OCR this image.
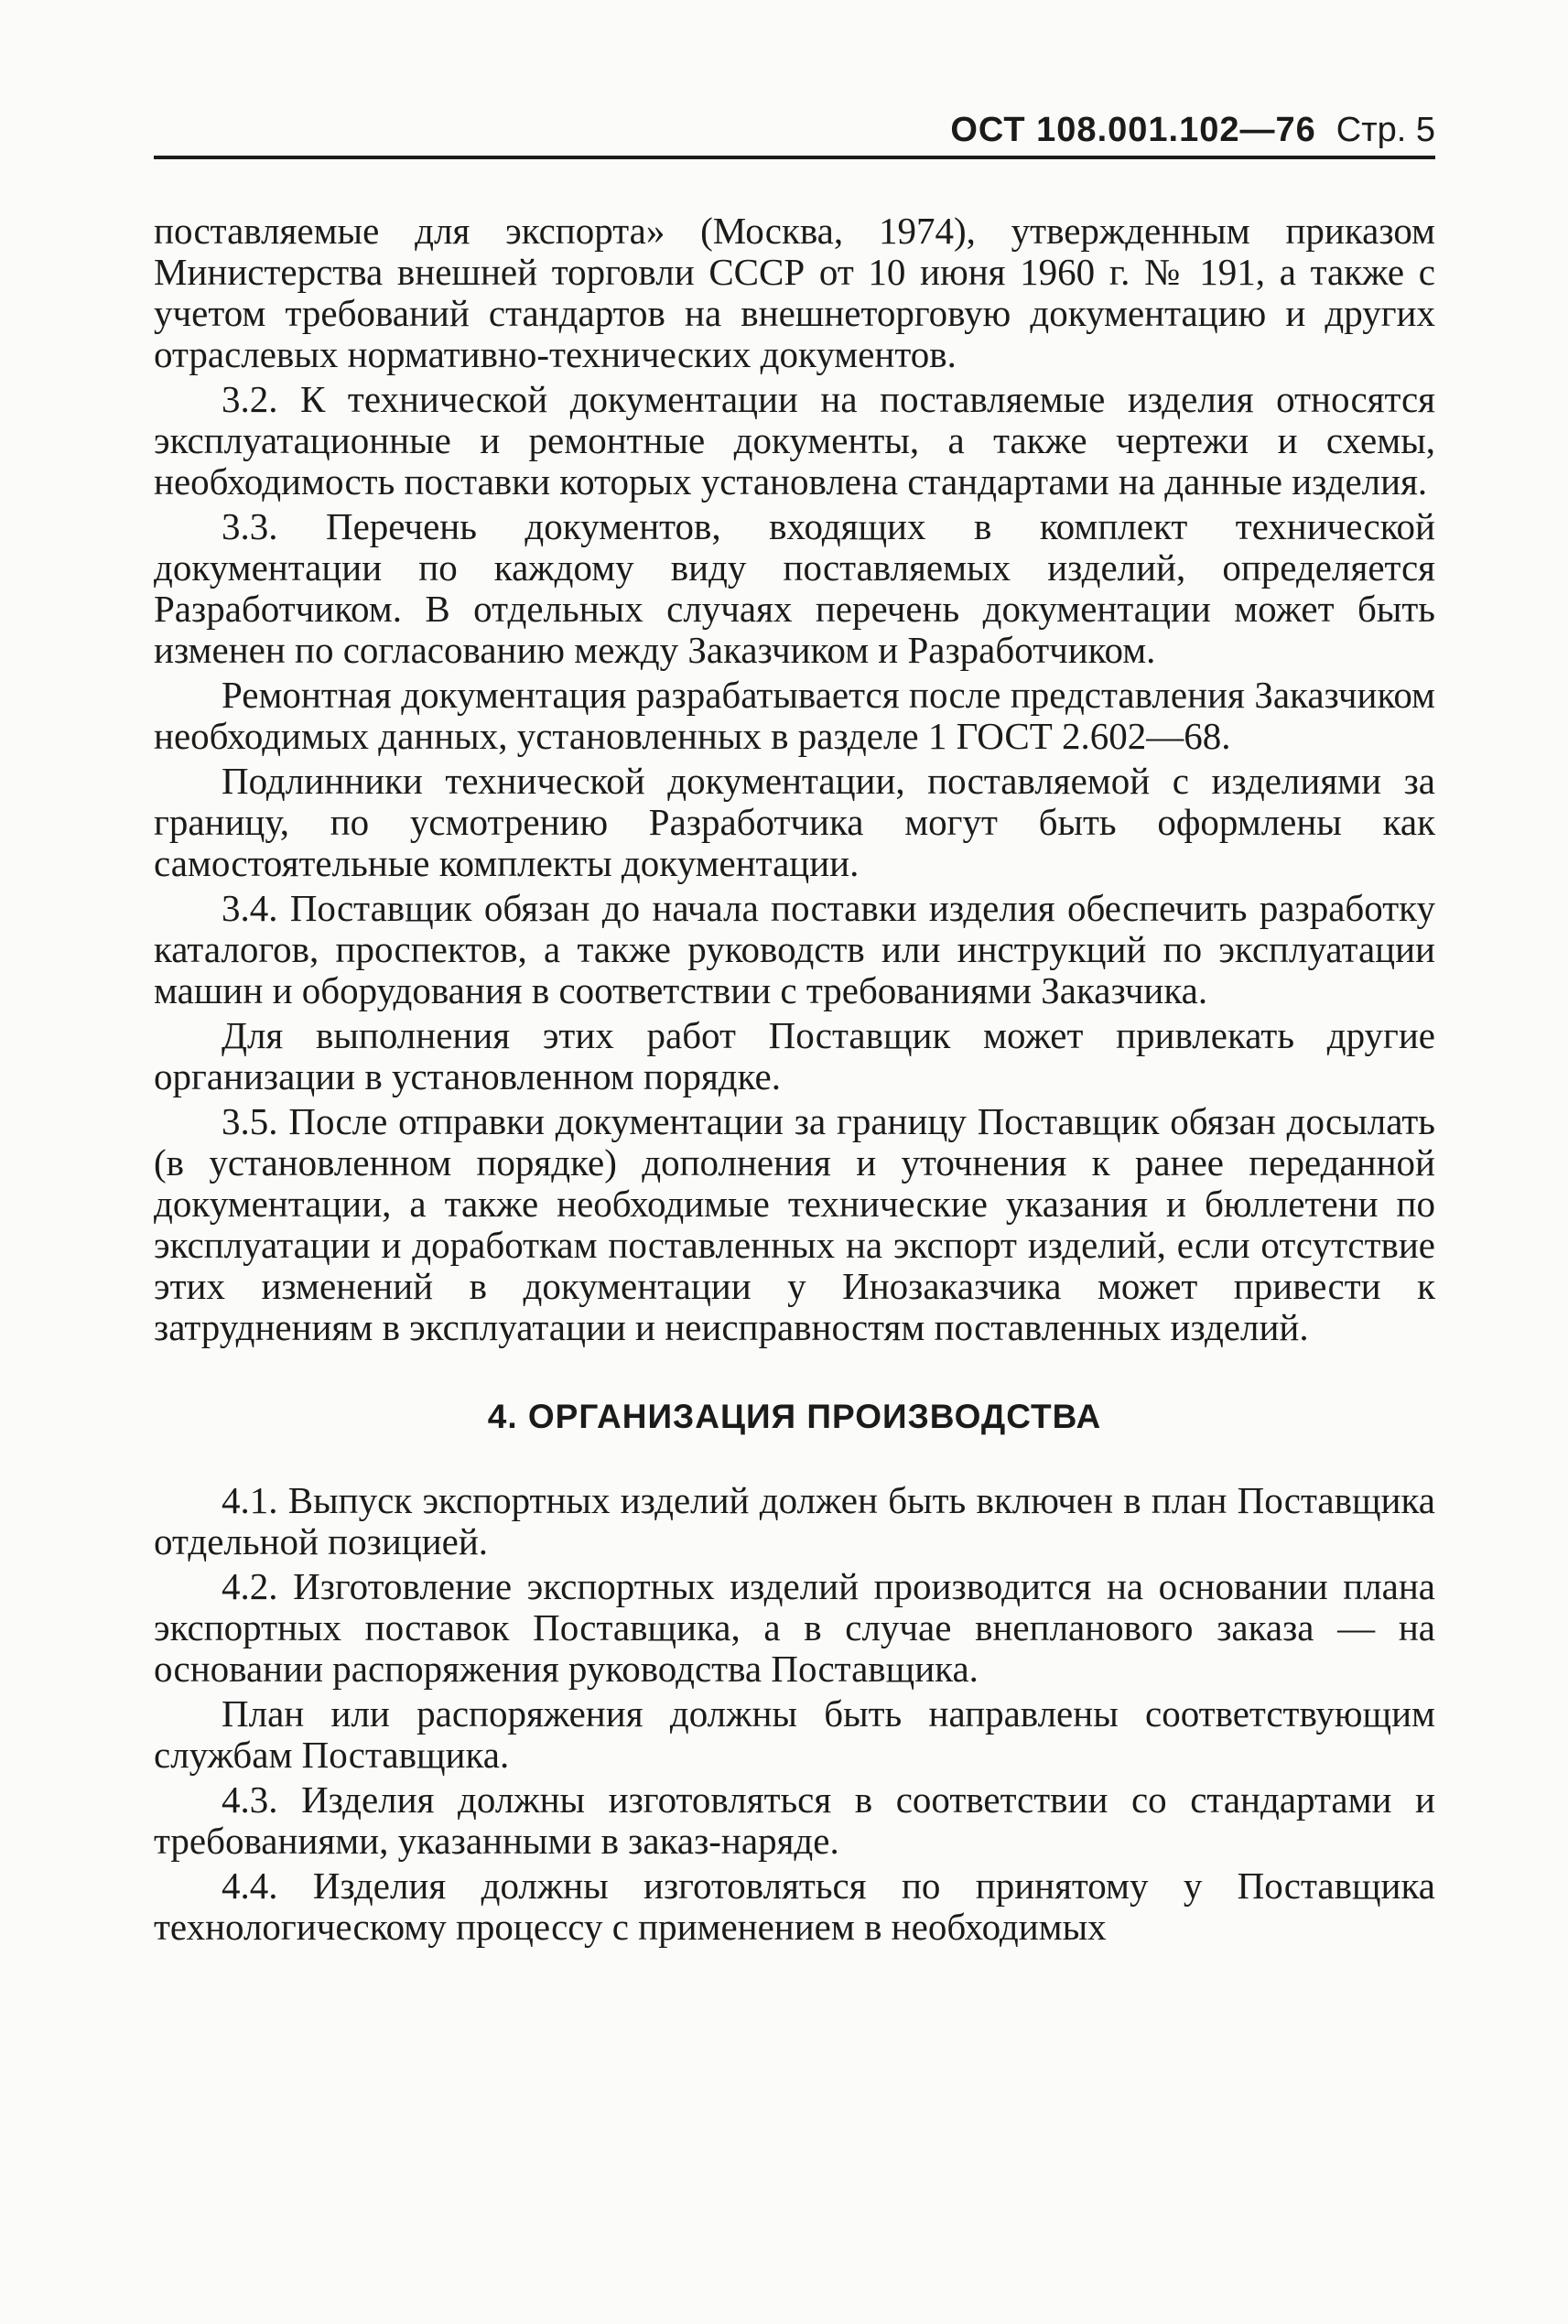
ОСТ 108.001.102—76 Стр. 5

поставляемые для экспорта» (Москва, 1974), утвержденным приказом Министерства внешней торговли СССР от 10 июня 1960 г. № 191, а также с учетом требований стандартов на внешнеторговую документацию и других отраслевых нормативно-технических документов.

3.2. К технической документации на поставляемые изделия относятся эксплуатационные и ремонтные документы, а также чертежи и схемы, необходимость поставки которых установлена стандартами на данные изделия.

3.3. Перечень документов, входящих в комплект технической документации по каждому виду поставляемых изделий, определяется Разработчиком. В отдельных случаях перечень документации может быть изменен по согласованию между Заказчиком и Разработчиком.

Ремонтная документация разрабатывается после представления Заказчиком необходимых данных, установленных в разделе 1 ГОСТ 2.602—68.

Подлинники технической документации, поставляемой с изделиями за границу, по усмотрению Разработчика могут быть оформлены как самостоятельные комплекты документации.

3.4. Поставщик обязан до начала поставки изделия обеспечить разработку каталогов, проспектов, а также руководств или инструкций по эксплуатации машин и оборудования в соответствии с требованиями Заказчика.

Для выполнения этих работ Поставщик может привлекать другие организации в установленном порядке.

3.5. После отправки документации за границу Поставщик обязан досылать (в установленном порядке) дополнения и уточнения к ранее переданной документации, а также необходимые технические указания и бюллетени по эксплуатации и доработкам поставленных на экспорт изделий, если отсутствие этих изменений в документации у Инозаказчика может привести к затруднениям в эксплуатации и неисправностям поставленных изделий.

4. ОРГАНИЗАЦИЯ ПРОИЗВОДСТВА

4.1. Выпуск экспортных изделий должен быть включен в план Поставщика отдельной позицией.

4.2. Изготовление экспортных изделий производится на основании плана экспортных поставок Поставщика, а в случае внепланового заказа — на основании распоряжения руководства Поставщика.

План или распоряжения должны быть направлены соответствующим службам Поставщика.

4.3. Изделия должны изготовляться в соответствии со стандартами и требованиями, указанными в заказ-наряде.

4.4. Изделия должны изготовляться по принятому у Поставщика технологическому процессу с применением в необходимых
